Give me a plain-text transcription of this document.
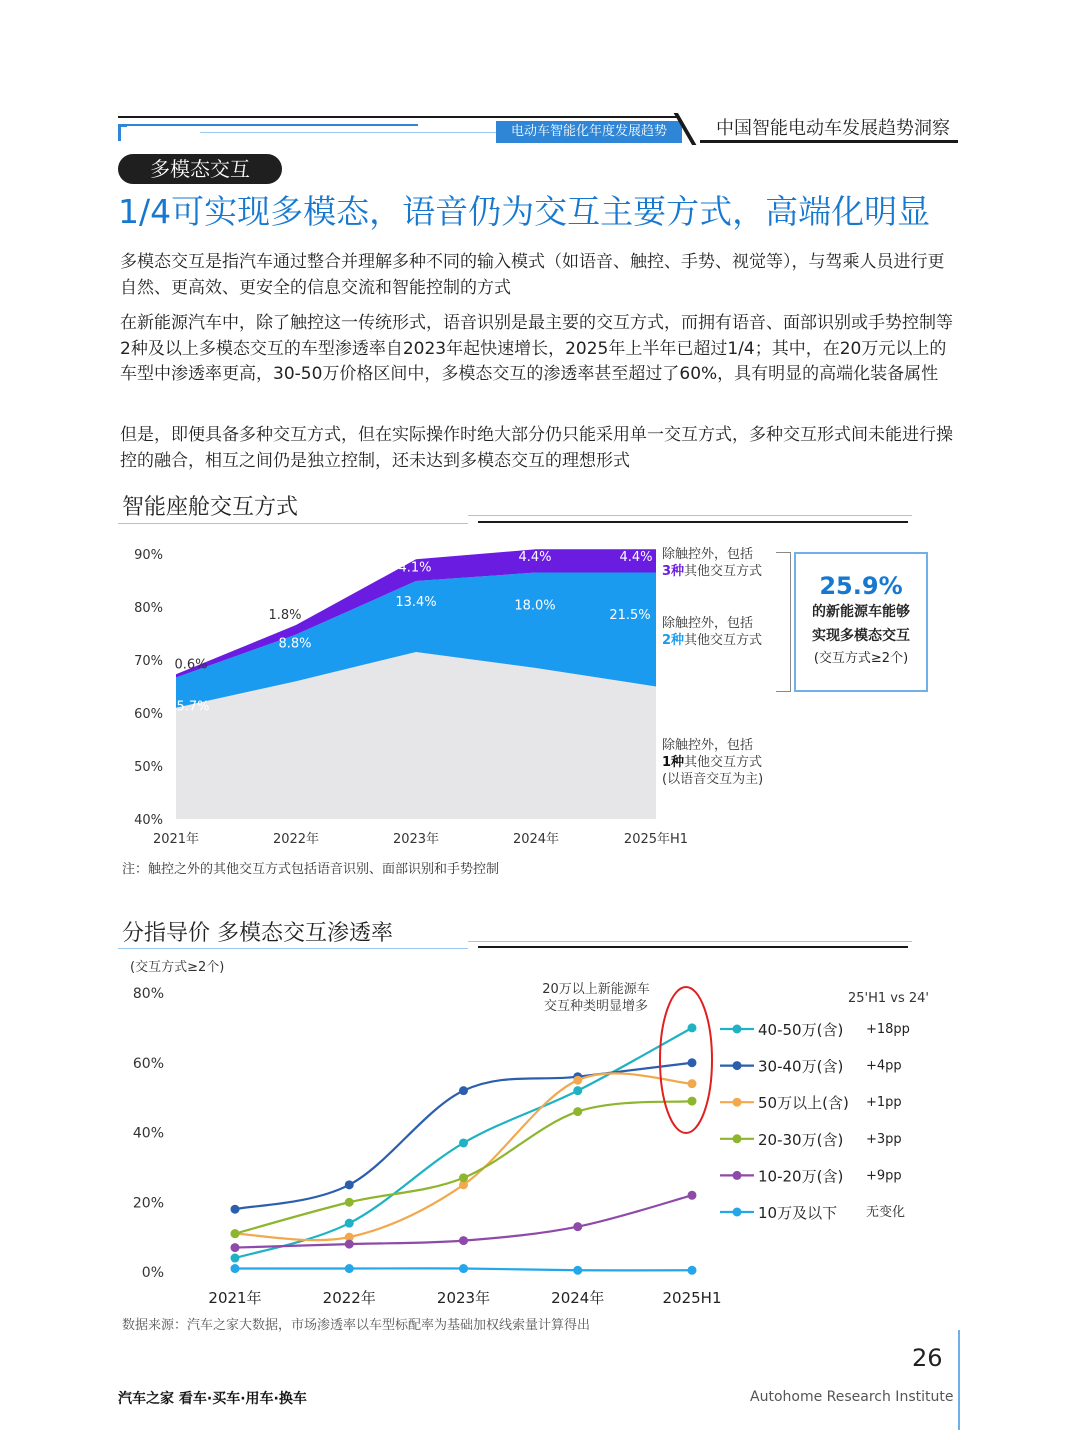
电动车智能化年度发展趋势	中国智能电动车发展趋势洞察
多模态交互
1/4可实现多模态，语音仍为交互主要方式，高端化明显
多模态交互是指汽车通过整合并理解多种不同的输入模式（如语音、触控、手势、视觉等），与驾乘人员进行更自然、更高效、更安全的信息交流和智能控制的方式
在新能源汽车中，除了触控这一传统形式，语音识别是最主要的交互方式，而拥有语音、面部识别或手势控制等2种及以上多模态交互的车型渗透率自2023年起快速增长，2025年上半年已超过1/4；其中，在20万元以上的车型中渗透率更高，30-50万价格区间中，多模态交互的渗透率甚至超过了60%，具有明显的高端化装备属性
但是，即便具备多种交互方式，但在实际操作时绝大部分仍只能采用单一交互方式，多种交互形式间未能进行操控的融合，相互之间仍是独立控制，还未达到多模态交互的理想形式
智能座舱交互方式
40%
50%
60%
70%
80%
90%
2021年	2022年	2023年	2024年	2025年H1
5.7%
8.8%
13.4%	18.0%
21.5%
0.6%
1.8%
4.1%
4.4%	4.4% 除触控外，包括
3种其他交互方式
除触控外，包括
2种其他交互方式
除触控外，包括
1种其他交互方式
(以语音交互为主)
25.9%
的新能源车能够
实现多模态交互
(交互方式≥2个)
注：触控之外的其他交互方式包括语音识别、面部识别和手势控制
分指导价 多模态交互渗透率
(交互方式≥2个)
0%
20%
40%
60%
80%
2021年	2022年	2023年	2024年	2025H1
20万以上新能源车
交互种类明显增多
25'H1 vs 24'
40-50万(含) +18pp
30-40万(含) +4pp
50万以上(含) +1pp
20-30万(含) +3pp
10-20万(含) +9pp
10万及以下 无变化
数据来源：汽车之家大数据，市场渗透率以车型标配率为基础加权线索量计算得出
26
汽车之家 看车·买车·用车·换车	Autohome Research Institute
